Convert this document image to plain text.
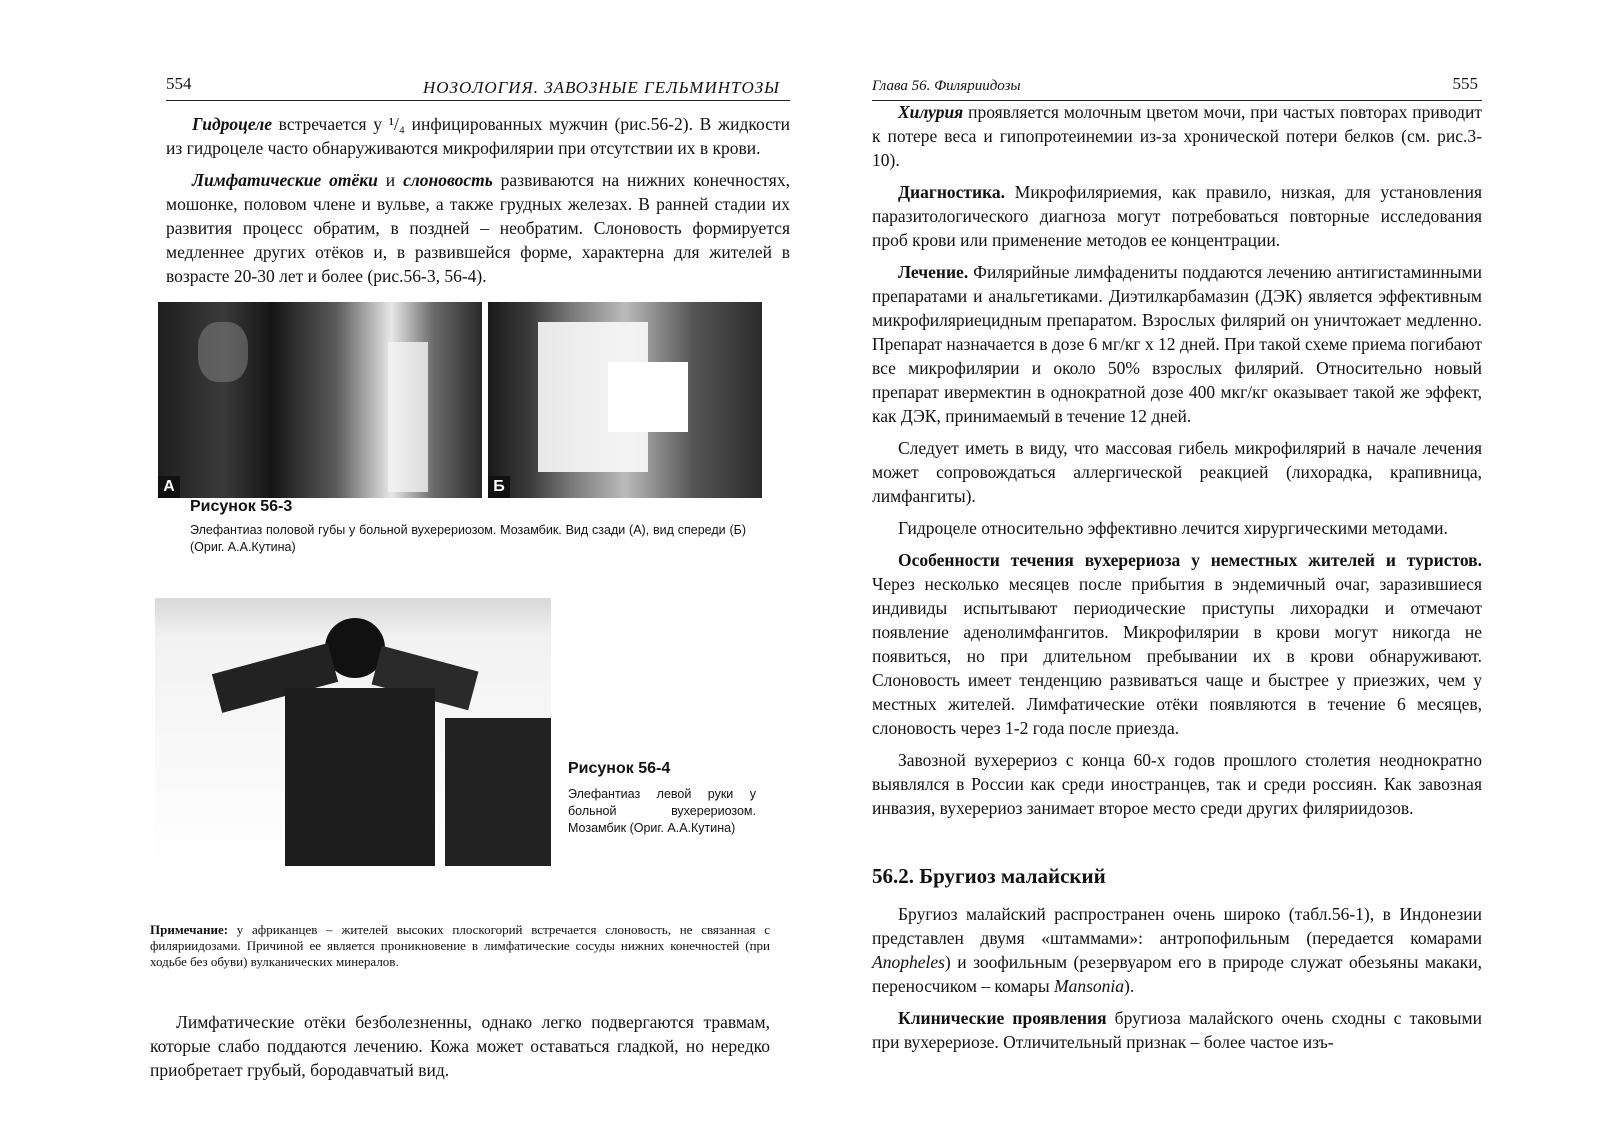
554	НОЗОЛОГИЯ. ЗАВОЗНЫЕ ГЕЛЬМИНТОЗЫ

Гидроцеле встречается у ¹/₄ инфицированных мужчин (рис.56-2). В жидкости из гидроцеле часто обнаруживаются микрофилярии при отсутствии их в крови.

Лимфатические отёки и слоновость развиваются на нижних конечностях, мошонке, половом члене и вульве, а также грудных железах. В ранней стадии их развития процесс обратим, в поздней – необратим. Слоновость формируется медленнее других отёков и, в развившейся форме, характерна для жителей в возрасте 20-30 лет и более (рис.56-3, 56-4).

А	Б
Рисунок 56-3
Элефантиаз половой губы у больной вухерериозом. Мозамбик. Вид сзади (А), вид спереди (Б) (Ориг. А.А.Кутина)
Рисунок 56-4
Элефантиаз левой руки у больной вухерериозом. Мозамбик (Ориг. А.А.Кутина)
Примечание: у африканцев – жителей высоких плоскогорий встречается слоновость, не связанная с филяриидозами. Причиной ее является проникновение в лимфатические сосуды нижних конечностей (при ходьбе без обуви) вулканических минералов.

Лимфатические отёки безболезненны, однако легко подвергаются травмам, которые слабо поддаются лечению. Кожа может оставаться гладкой, но нередко приобретает грубый, бородавчатый вид.

Глава 56. Филяриидозы	555

Хилурия проявляется молочным цветом мочи, при частых повторах приводит к потере веса и гипопротеинемии из-за хронической потери белков (см. рис.3-10).

Диагностика. Микрофиляриемия, как правило, низкая, для установления паразитологического диагноза могут потребоваться повторные исследования проб крови или применение методов ее концентрации.

Лечение. Филярийные лимфадениты поддаются лечению антигистаминными препаратами и анальгетиками. Диэтилкарбамазин (ДЭК) является эффективным микрофиляриецидным препаратом. Взрослых филярий он уничтожает медленно. Препарат назначается в дозе 6 мг/кг х 12 дней. При такой схеме приема погибают все микрофилярии и около 50% взрослых филярий. Относительно новый препарат ивермектин в однократной дозе 400 мкг/кг оказывает такой же эффект, как ДЭК, принимаемый в течение 12 дней.

Следует иметь в виду, что массовая гибель микрофилярий в начале лечения может сопровождаться аллергической реакцией (лихорадка, крапивница, лимфангиты).

Гидроцеле относительно эффективно лечится хирургическими методами.

Особенности течения вухерериоза у неместных жителей и туристов. Через несколько месяцев после прибытия в эндемичный очаг, заразившиеся индивиды испытывают периодические приступы лихорадки и отмечают появление аденолимфангитов. Микрофилярии в крови могут никогда не появиться, но при длительном пребывании их в крови обнаруживают. Слоновость имеет тенденцию развиваться чаще и быстрее у приезжих, чем у местных жителей. Лимфатические отёки появляются в течение 6 месяцев, слоновость через 1-2 года после приезда.

Завозной вухерериоз с конца 60-х годов прошлого столетия неоднократно выявлялся в России как среди иностранцев, так и среди россиян. Как завозная инвазия, вухерериоз занимает второе место среди других филяриидозов.

56.2. Бругиоз малайский

Бругиоз малайский распространен очень широко (табл.56-1), в Индонезии представлен двумя «штаммами»: антропофильным (передается комарами Anopheles) и зоофильным (резервуаром его в природе служат обезьяны макаки, переносчиком – комары Mansonia).

Клинические проявления бругиоза малайского очень сходны с таковыми при вухерериозе. Отличительный признак – более частое изъ-
